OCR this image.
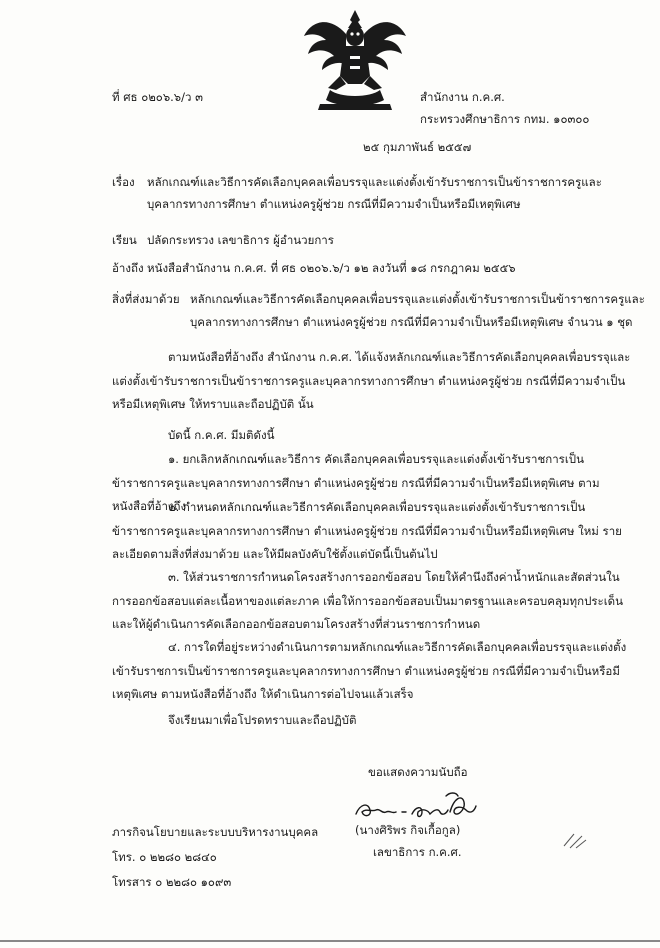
ที่ ศธ ๐๒๐๖.๖/ว ๓	สำนักงาน ก.ค.ศ.
กระทรวงศึกษาธิการ กทม. ๑๐๓๐๐
๒๕ กุมภาพันธ์ ๒๕๕๗
เรื่อง หลักเกณฑ์และวิธีการคัดเลือกบุคคลเพื่อบรรจุและแต่งตั้งเข้ารับราชการเป็นข้าราชการครูและ
บุคลากรทางการศึกษา ตำแหน่งครูผู้ช่วย กรณีที่มีความจำเป็นหรือมีเหตุพิเศษ
เรียน ปลัดกระทรวง เลขาธิการ ผู้อำนวยการ
อ้างถึง หนังสือสำนักงาน ก.ค.ศ. ที่ ศธ ๐๒๐๖.๖/ว ๑๒ ลงวันที่ ๑๘ กรกฎาคม ๒๕๕๖
สิ่งที่ส่งมาด้วย หลักเกณฑ์และวิธีการคัดเลือกบุคคลเพื่อบรรจุและแต่งตั้งเข้ารับราชการเป็นข้าราชการครูและ
บุคลากรทางการศึกษา ตำแหน่งครูผู้ช่วย กรณีที่มีความจำเป็นหรือมีเหตุพิเศษ จำนวน ๑ ชุด

ตามหนังสือที่อ้างถึง สำนักงาน ก.ค.ศ. ได้แจ้งหลักเกณฑ์และวิธีการคัดเลือกบุคคลเพื่อบรรจุและแต่งตั้งเข้ารับราชการเป็นข้าราชการครูและบุคลากรทางการศึกษา ตำแหน่งครูผู้ช่วย กรณีที่มีความจำเป็นหรือมีเหตุพิเศษ ให้ทราบและถือปฏิบัติ นั้น

บัดนี้ ก.ค.ศ. มีมติดังนี้

๑. ยกเลิกหลักเกณฑ์และวิธีการ คัดเลือกบุคคลเพื่อบรรจุและแต่งตั้งเข้ารับราชการเป็นข้าราชการครูและบุคลากรทางการศึกษา ตำแหน่งครูผู้ช่วย กรณีที่มีความจำเป็นหรือมีเหตุพิเศษ ตามหนังสือที่อ้างถึง

๒. กำหนดหลักเกณฑ์และวิธีการคัดเลือกบุคคลเพื่อบรรจุและแต่งตั้งเข้ารับราชการเป็นข้าราชการครูและบุคลากรทางการศึกษา ตำแหน่งครูผู้ช่วย กรณีที่มีความจำเป็นหรือมีเหตุพิเศษ ใหม่ รายละเอียดตามสิ่งที่ส่งมาด้วย และให้มีผลบังคับใช้ตั้งแต่บัดนี้เป็นต้นไป

๓. ให้ส่วนราชการกำหนดโครงสร้างการออกข้อสอบ โดยให้คำนึงถึงค่าน้ำหนักและสัดส่วนในการออกข้อสอบแต่ละเนื้อหาของแต่ละภาค เพื่อให้การออกข้อสอบเป็นมาตรฐานและครอบคลุมทุกประเด็น และให้ผู้ดำเนินการคัดเลือกออกข้อสอบตามโครงสร้างที่ส่วนราชการกำหนด

๔. การใดที่อยู่ระหว่างดำเนินการตามหลักเกณฑ์และวิธีการคัดเลือกบุคคลเพื่อบรรจุและแต่งตั้งเข้ารับราชการเป็นข้าราชการครูและบุคลากรทางการศึกษา ตำแหน่งครูผู้ช่วย กรณีที่มีความจำเป็นหรือมีเหตุพิเศษ ตามหนังสือที่อ้างถึง ให้ดำเนินการต่อไปจนแล้วเสร็จ

จึงเรียนมาเพื่อโปรดทราบและถือปฏิบัติ

ขอแสดงความนับถือ
(นางศิริพร กิจเกื้อกูล)
เลขาธิการ ก.ค.ศ.
ภารกิจนโยบายและระบบบริหารงานบุคคล
โทร. ๐ ๒๒๘๐ ๒๘๔๐
โทรสาร ๐ ๒๒๘๐ ๑๐๙๓
